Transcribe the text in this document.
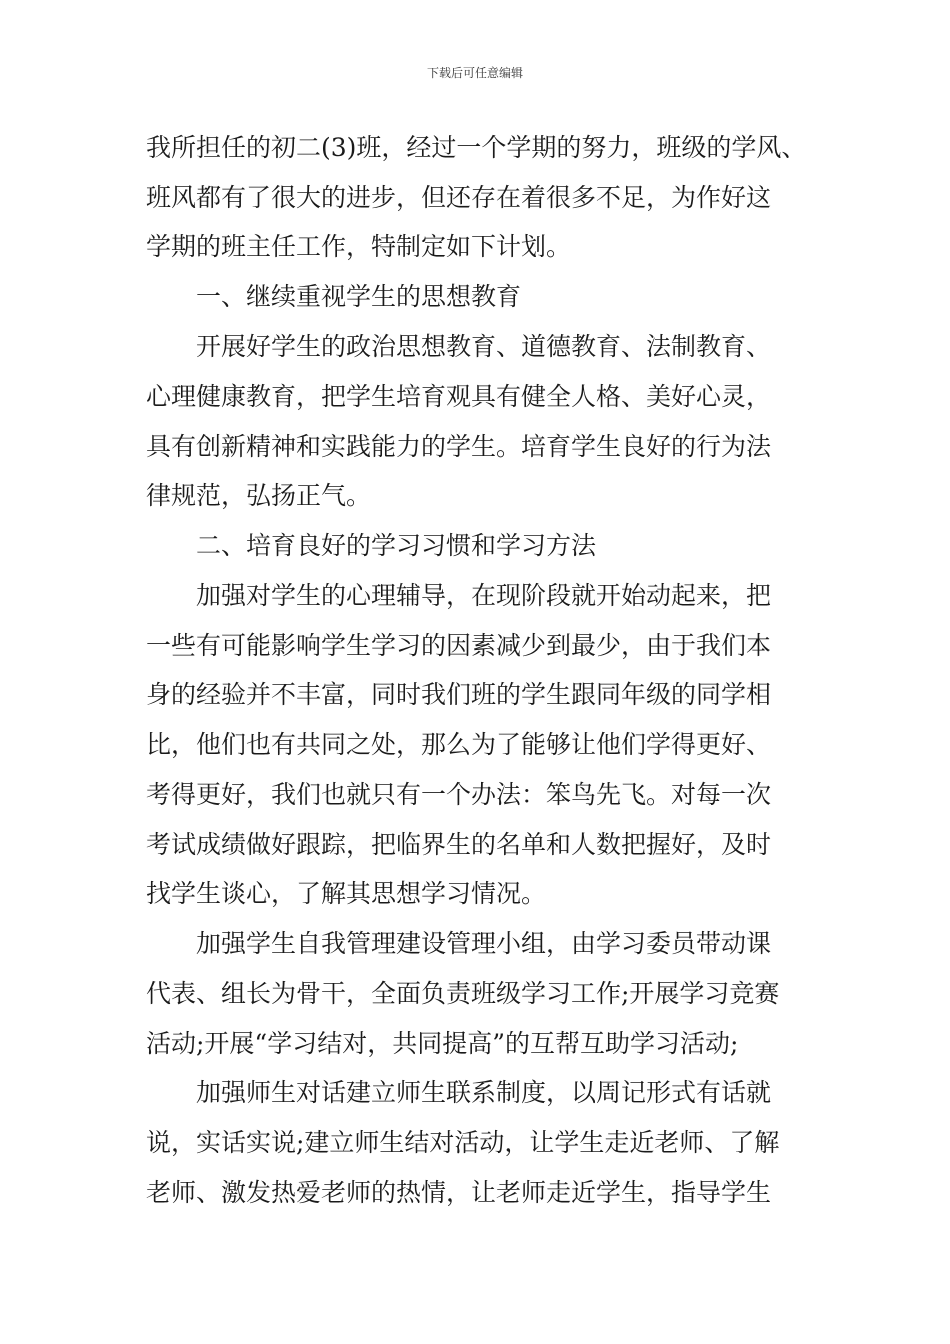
下载后可任意编辑
我所担任的初二(3)班，经过一个学期的努力，班级的学风、
班风都有了很大的进步，但还存在着很多不足，为作好这
学期的班主任工作，特制定如下计划。
一、继续重视学生的思想教育
开展好学生的政治思想教育、道德教育、法制教育、
心理健康教育，把学生培育观具有健全人格、美好心灵，
具有创新精神和实践能力的学生。培育学生良好的行为法
律规范，弘扬正气。
二、培育良好的学习习惯和学习方法
加强对学生的心理辅导，在现阶段就开始动起来，把
一些有可能影响学生学习的因素减少到最少，由于我们本
身的经验并不丰富，同时我们班的学生跟同年级的同学相
比，他们也有共同之处，那么为了能够让他们学得更好、
考得更好，我们也就只有一个办法：笨鸟先飞。对每一次
考试成绩做好跟踪，把临界生的名单和人数把握好，及时
找学生谈心，了解其思想学习情况。
加强学生自我管理建设管理小组，由学习委员带动课
代表、组长为骨干，全面负责班级学习工作;开展学习竞赛
活动;开展“学习结对，共同提高”的互帮互助学习活动;
加强师生对话建立师生联系制度，以周记形式有话就
说，实话实说;建立师生结对活动，让学生走近老师、了解
老师、激发热爱老师的热情，让老师走近学生，指导学生
